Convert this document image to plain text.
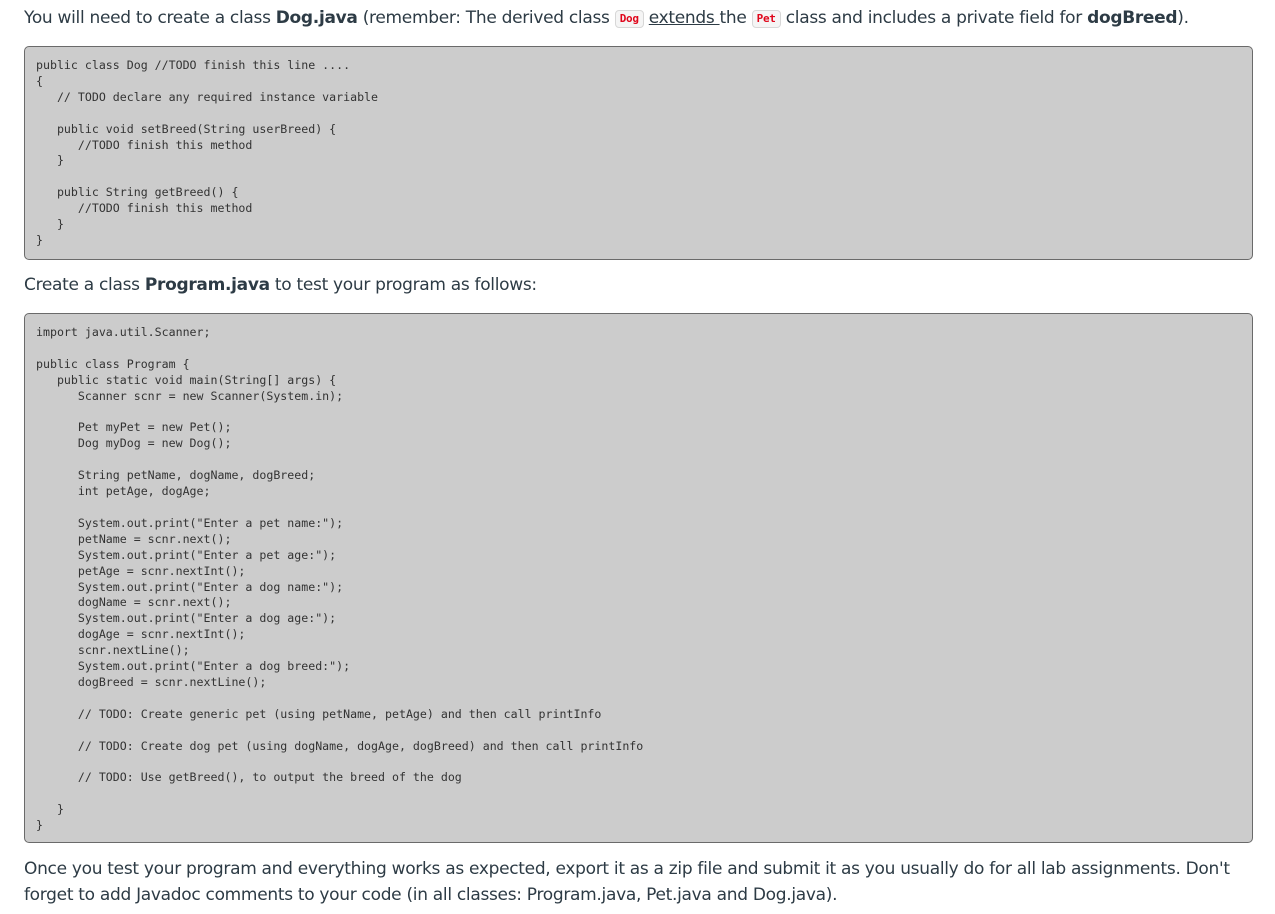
You will need to create a class Dog.java (remember: The derived class Dog extends the Pet class and includes a private field for dogBreed).

public class Dog //TODO finish this line ....
{
// TODO declare any required instance variable

public void setBreed(String userBreed) {
//TODO finish this method
}

public String getBreed() {
//TODO finish this method
}
}

Create a class Program.java to test your program as follows:

import java.util.Scanner;

public class Program {
public static void main(String[] args) {
Scanner scnr = new Scanner(System.in);

Pet myPet = new Pet();
Dog myDog = new Dog();

String petName, dogName, dogBreed;
int petAge, dogAge;

System.out.print("Enter a pet name:");
petName = scnr.next();
System.out.print("Enter a pet age:");
petAge = scnr.nextInt();
System.out.print("Enter a dog name:");
dogName = scnr.next();
System.out.print("Enter a dog age:");
dogAge = scnr.nextInt();
scnr.nextLine();
System.out.print("Enter a dog breed:");
dogBreed = scnr.nextLine();

// TODO: Create generic pet (using petName, petAge) and then call printInfo

// TODO: Create dog pet (using dogName, dogAge, dogBreed) and then call printInfo

// TODO: Use getBreed(), to output the breed of the dog

}
}

Once you test your program and everything works as expected, export it as a zip file and submit it as you usually do for all lab assignments. Don't forget to add Javadoc comments to your code (in all classes: Program.java, Pet.java and Dog.java).
